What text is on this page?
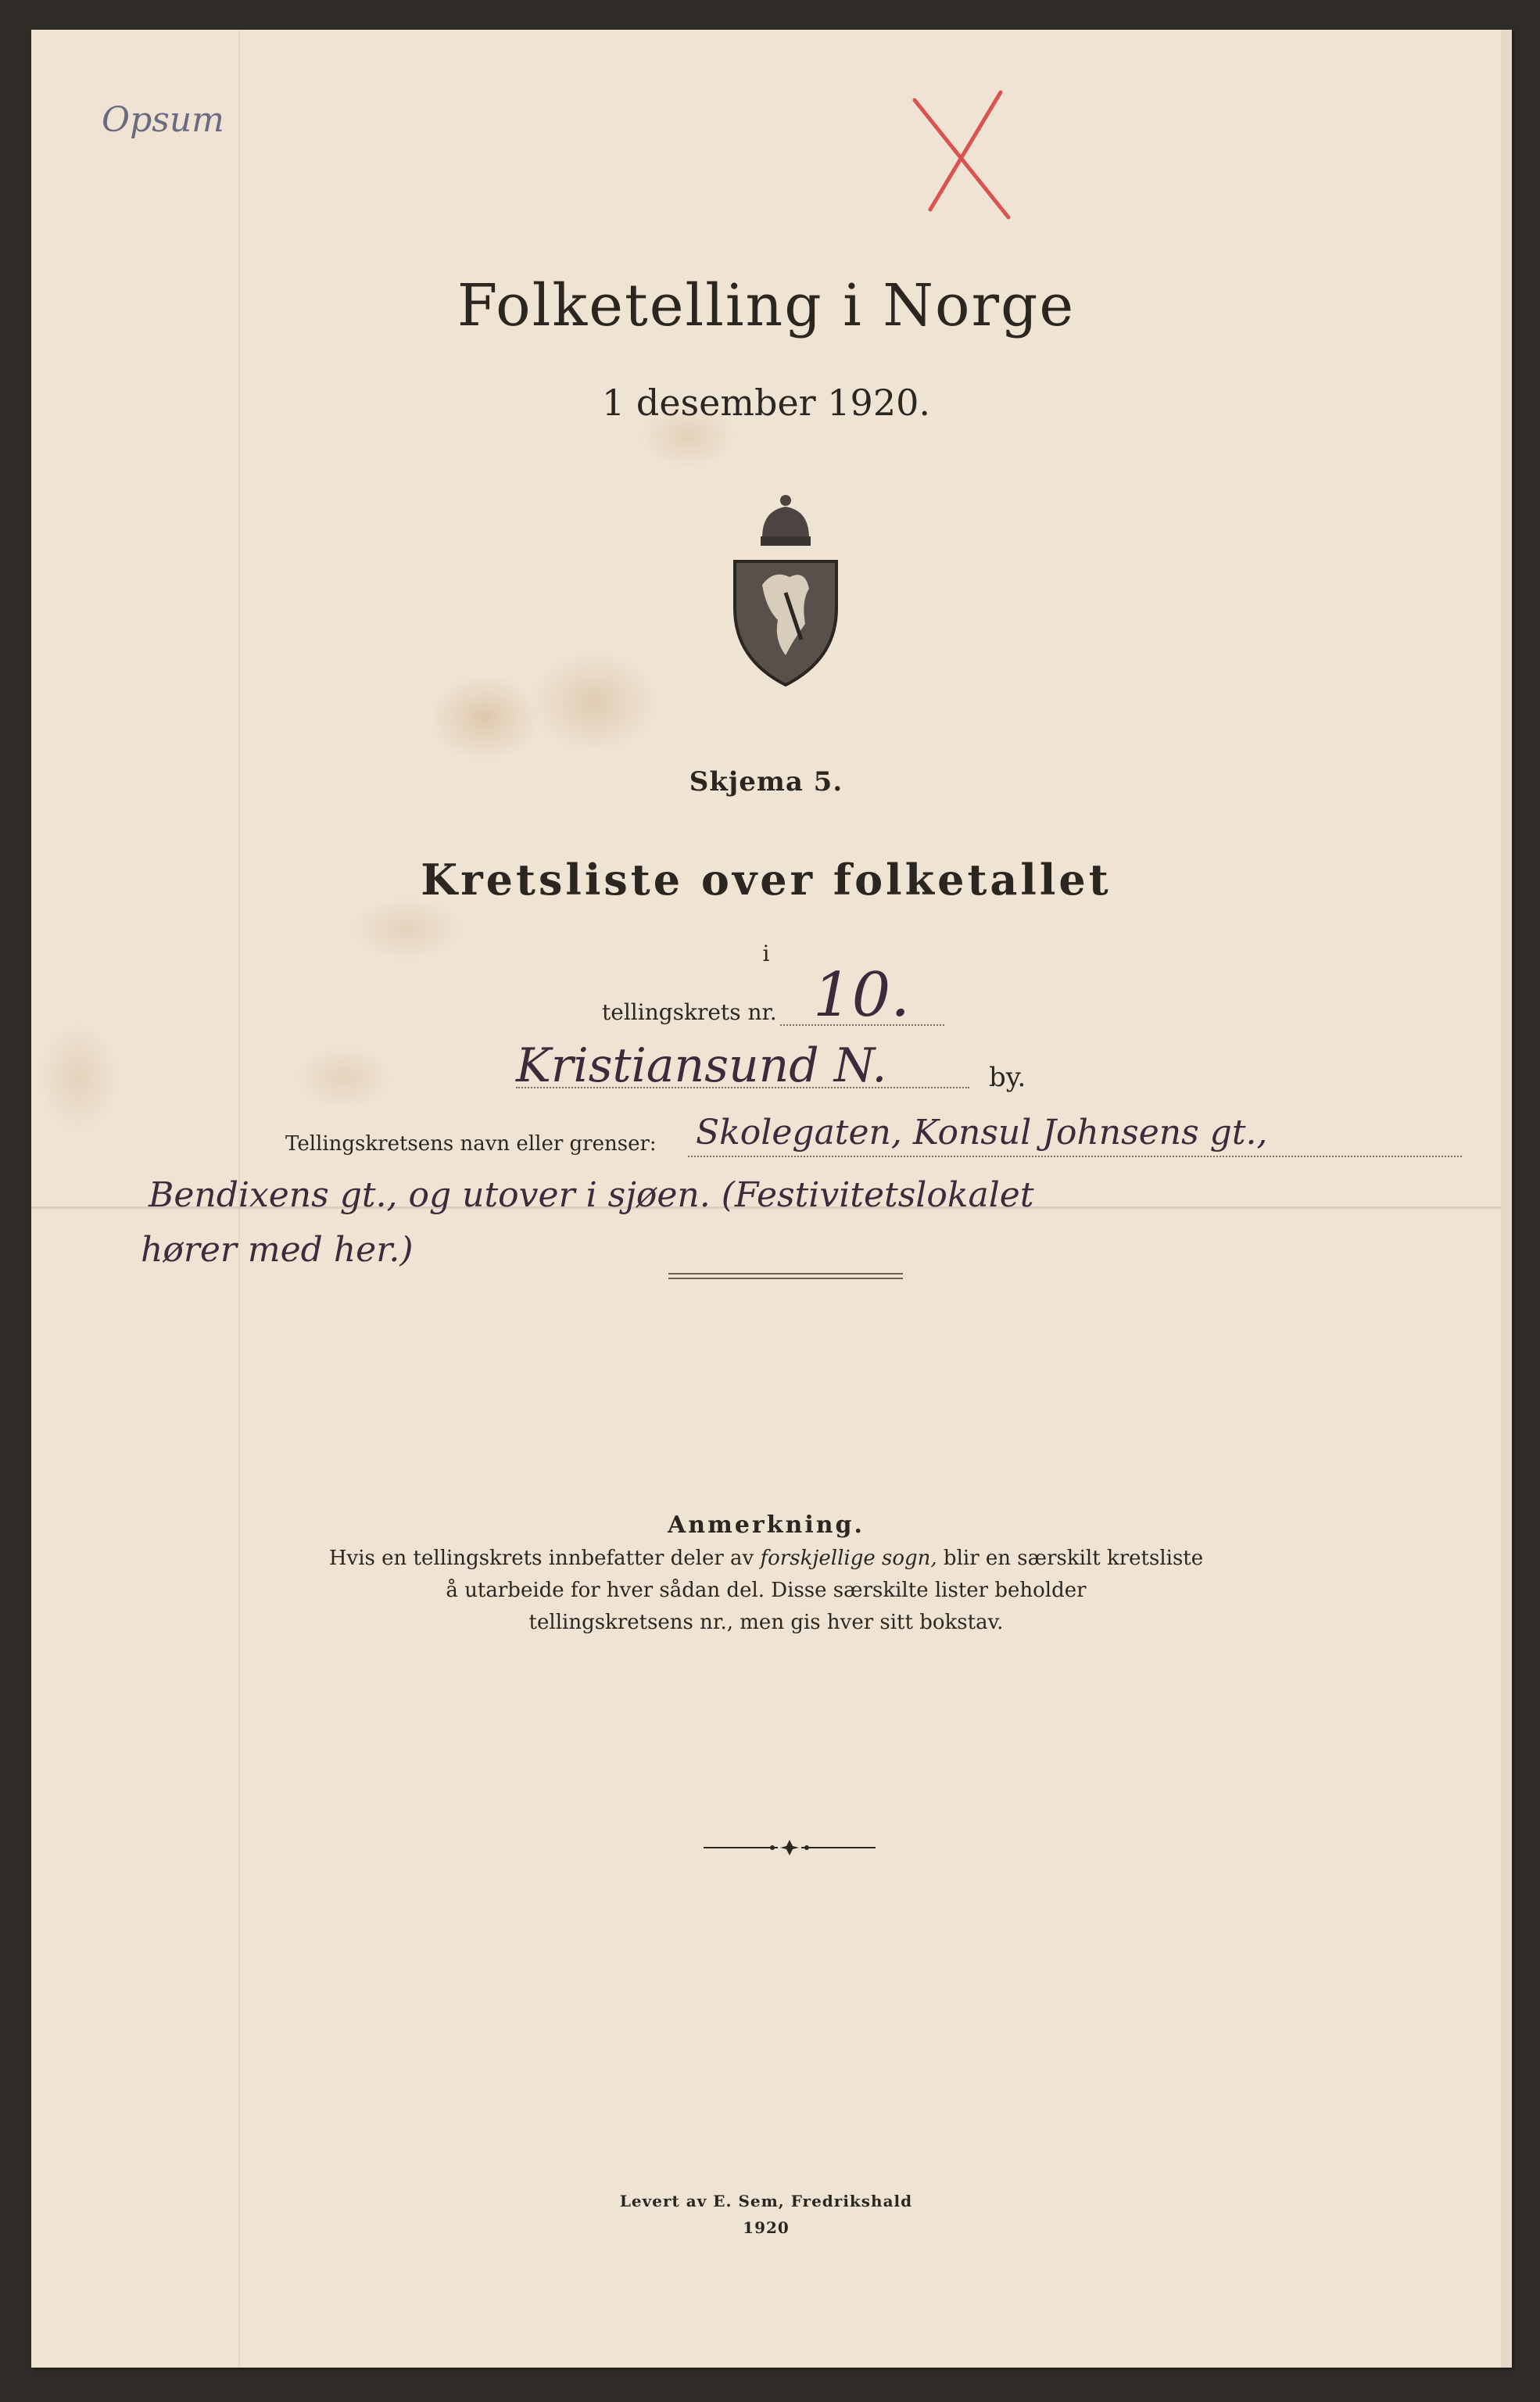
Opsum
Folketelling i Norge
1 desember 1920.
Skjema 5.
Kretsliste over folketallet
i
tellingskrets nr. 10.
Kristiansund N.	by.
Tellingskretsens navn eller grenser: Skolegaten, Konsul Johnsens gt.,
Bendixens gt., og utover i sjøen. (Festivitetslokalet
hører med her.)
Anmerkning.
Hvis en tellingskrets innbefatter deler av forskjellige sogn, blir en særskilt kretsliste
å utarbeide for hver sådan del. Disse særskilte lister beholder
tellingskretsens nr., men gis hver sitt bokstav.
Levert av E. Sem, Fredrikshald
1920
